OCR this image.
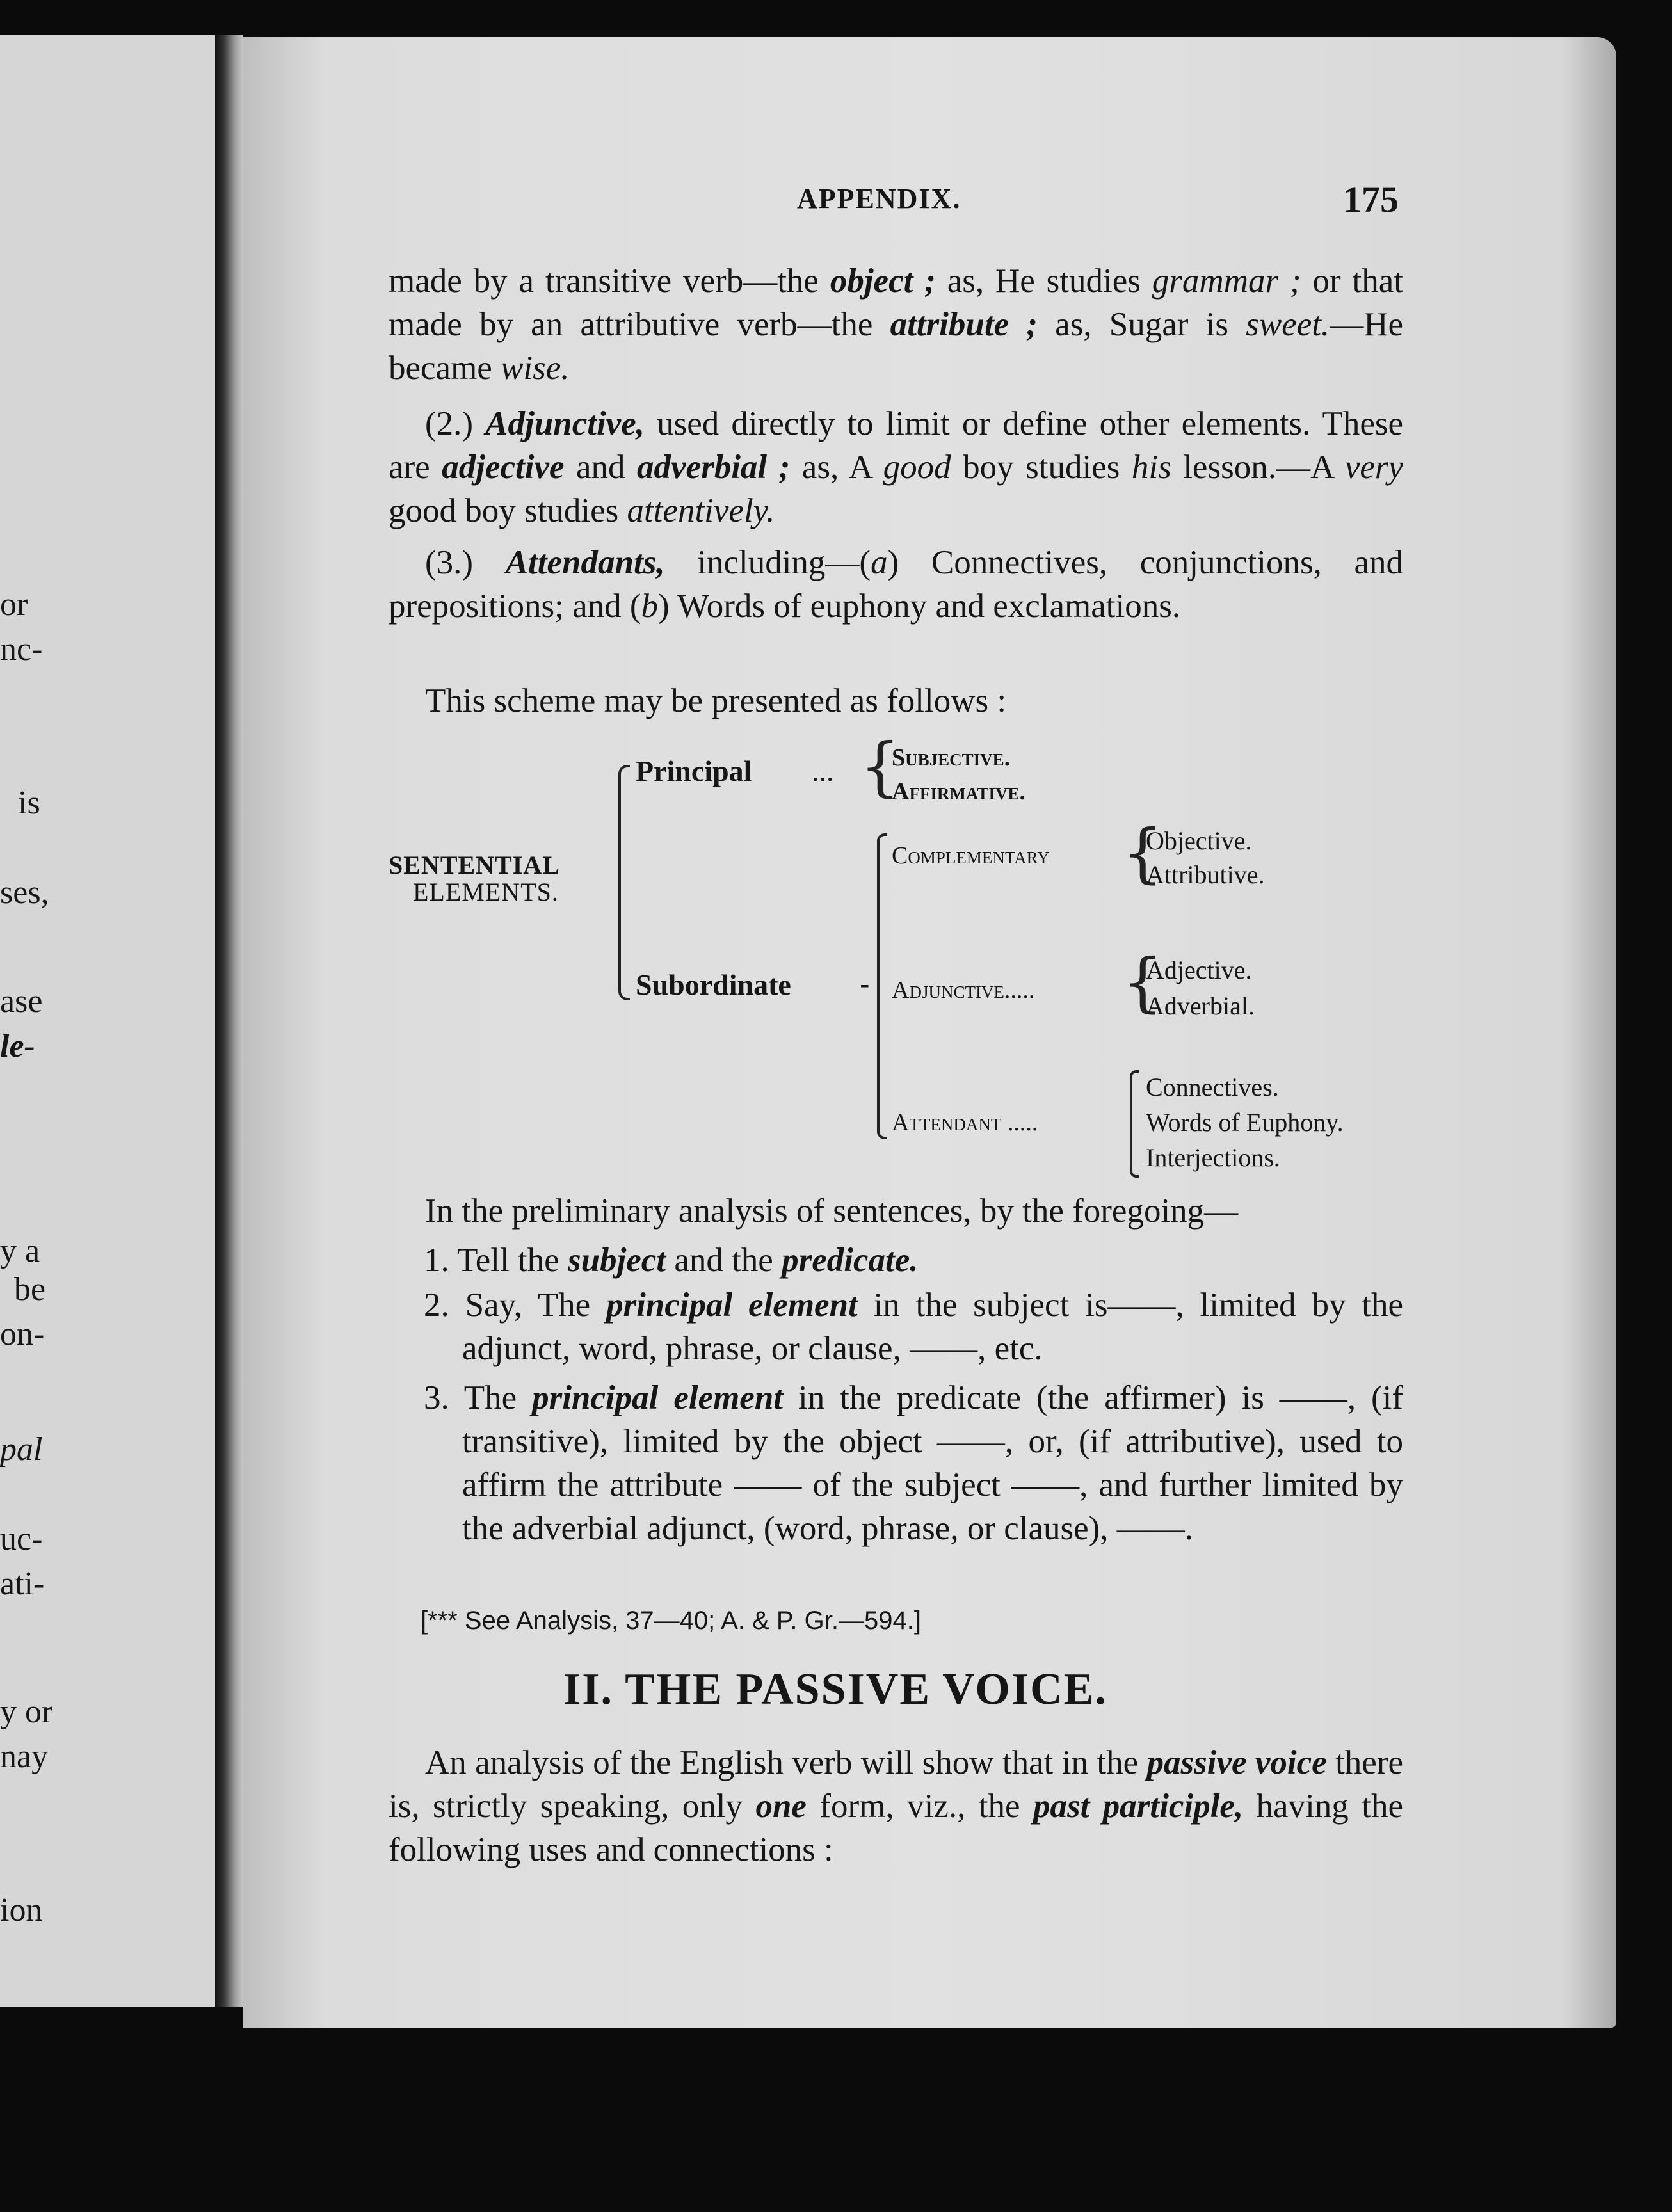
or
nc-
is
ses,
ase
le-
y a
be
on-
pal
uc-
ati-
y or
nay
ion
APPENDIX.	175
made by a transitive verb—the object ; as, He studies grammar ; or that made by an attributive verb—the attribute ; as, Sugar is sweet.—He became wise.
(2.) Adjunctive, used directly to limit or define other elements. These are adjective and adverbial ; as, A good boy studies his lesson.—A very good boy studies attentively.
(3.) Attendants, including—(a) Connectives, conjunctions, and prepositions; and (b) Words of euphony and exclamations.
This scheme may be presented as follows :
SENTENTIAL
ELEMENTS.
Principal ... {
Subjective.
Affirmative.
Subordinate -
Complementary {
Objective.
Attributive.
Adjunctive..... {
Adjective.
Adverbial.
Attendant .....
Connectives.
Words of Euphony.
Interjections.
In the preliminary analysis of sentences, by the foregoing—
1. Tell the subject and the predicate.
2. Say, The principal element in the subject is——, limited by the adjunct, word, phrase, or clause, ——, etc.
3. The principal element in the predicate (the affirmer) is ——, (if transitive), limited by the object ——, or, (if attributive), used to affirm the attribute —— of the subject ——, and further limited by the adverbial adjunct, (word, phrase, or clause), ——.
[*** See Analysis, 37—40; A. & P. Gr.—594.]
II. THE PASSIVE VOICE.
An analysis of the English verb will show that in the passive voice there is, strictly speaking, only one form, viz., the past participle, having the following uses and connections :
